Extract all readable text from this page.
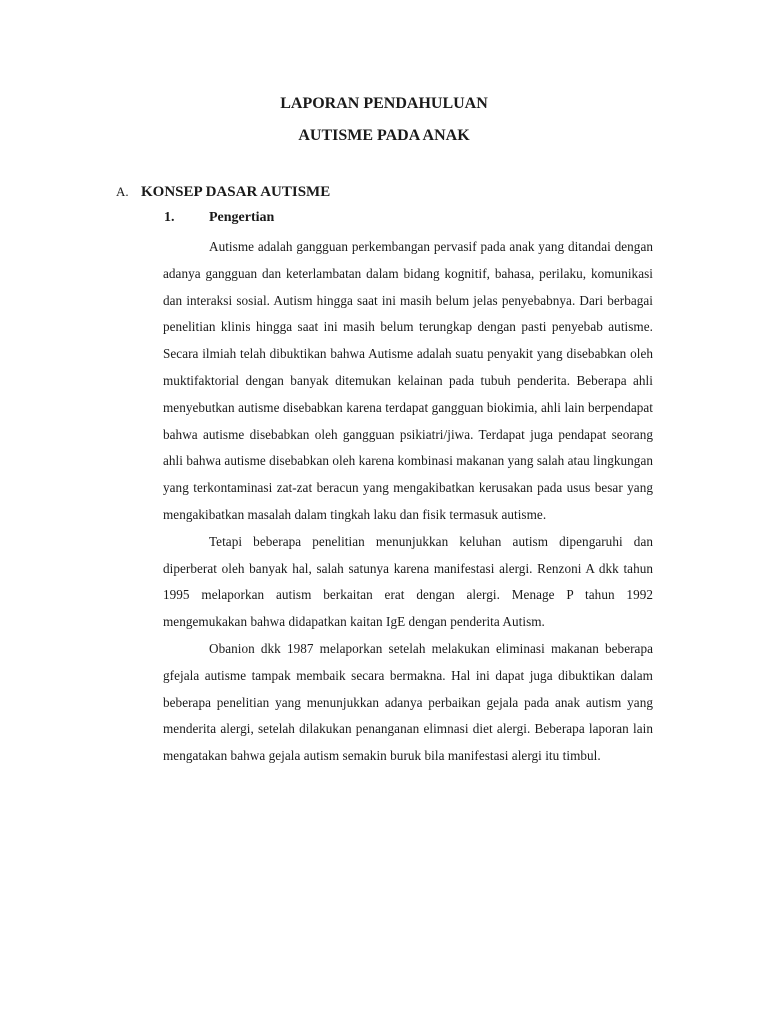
LAPORAN PENDAHULUAN
AUTISME PADA ANAK
A. KONSEP DASAR AUTISME
1. Pengertian

Autisme adalah gangguan perkembangan pervasif pada anak yang ditandai dengan adanya gangguan dan keterlambatan dalam bidang kognitif, bahasa, perilaku, komunikasi dan interaksi sosial. Autism hingga saat ini masih belum jelas penyebabnya. Dari berbagai penelitian klinis hingga saat ini masih belum terungkap dengan pasti penyebab autisme. Secara ilmiah telah dibuktikan bahwa Autisme adalah suatu penyakit yang disebabkan oleh muktifaktorial dengan banyak ditemukan kelainan pada tubuh penderita. Beberapa ahli menyebutkan autisme disebabkan karena terdapat gangguan biokimia, ahli lain berpendapat bahwa autisme disebabkan oleh gangguan psikiatri/jiwa. Terdapat juga pendapat seorang ahli bahwa autisme disebabkan oleh karena kombinasi makanan yang salah atau lingkungan yang terkontaminasi zat-zat beracun yang mengakibatkan kerusakan pada usus besar yang mengakibatkan masalah dalam tingkah laku dan fisik termasuk autisme.

Tetapi beberapa penelitian menunjukkan keluhan autism dipengaruhi dan diperberat oleh banyak hal, salah satunya karena manifestasi alergi. Renzoni A dkk tahun 1995 melaporkan autism berkaitan erat dengan alergi. Menage P tahun 1992 mengemukakan bahwa didapatkan kaitan IgE dengan penderita Autism.

Obanion dkk 1987 melaporkan setelah melakukan eliminasi makanan beberapa gfejala autisme tampak membaik secara bermakna. Hal ini dapat juga dibuktikan dalam beberapa penelitian yang menunjukkan adanya perbaikan gejala pada anak autism yang menderita alergi, setelah dilakukan penanganan elimnasi diet alergi. Beberapa laporan lain mengatakan bahwa gejala autism semakin buruk bila manifestasi alergi itu timbul.
